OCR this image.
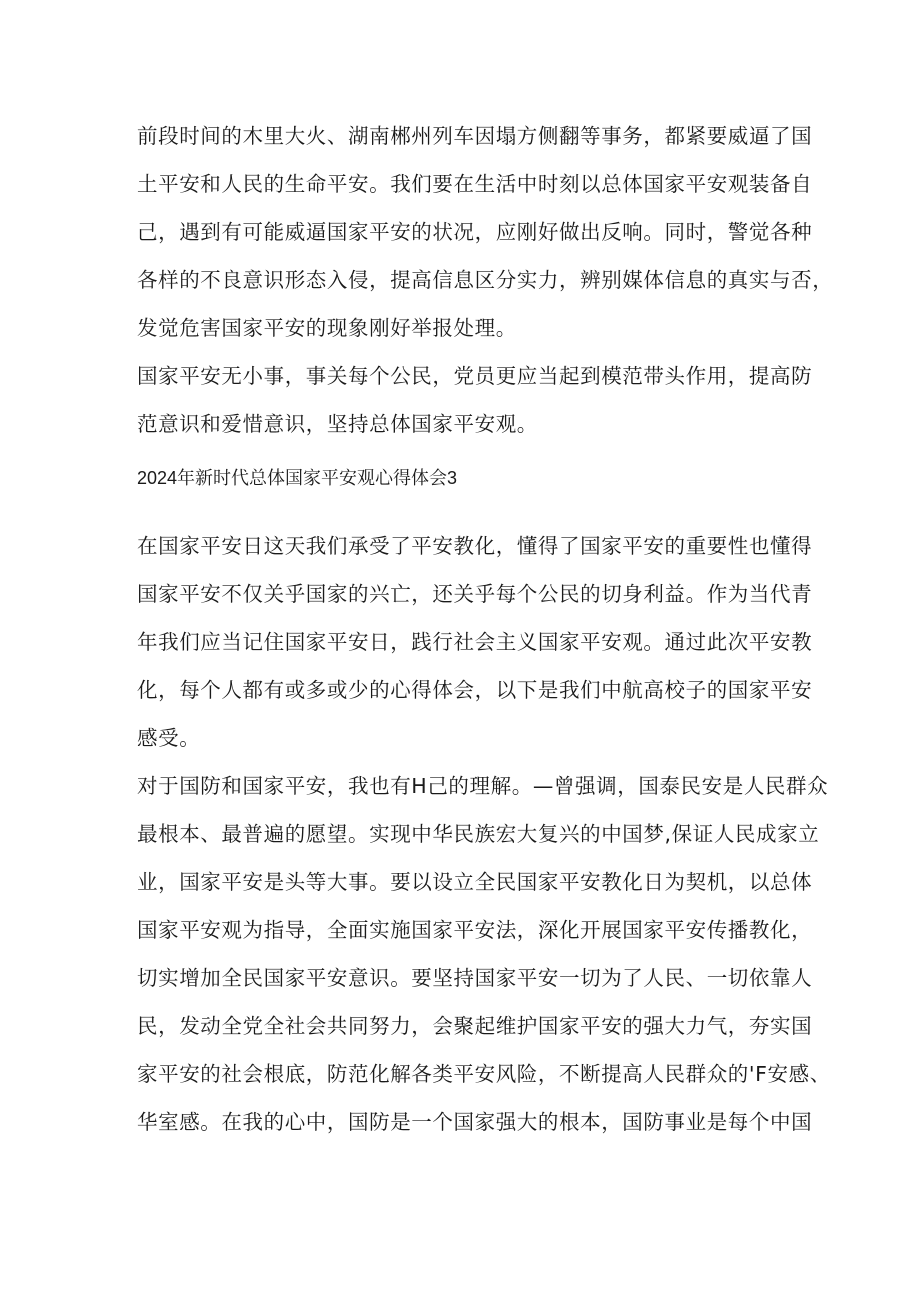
前段时间的木里大火、湖南郴州列车因塌方侧翻等事务，都紧要威逼了国
土平安和人民的生命平安。我们要在生活中时刻以总体国家平安观装备自
己，遇到有可能威逼国家平安的状况，应刚好做出反响。同时，警觉各种
各样的不良意识形态入侵，提高信息区分实力，辨别媒体信息的真实与否，
发觉危害国家平安的现象刚好举报处理。
国家平安无小事，事关每个公民，党员更应当起到模范带头作用，提高防
范意识和爱惜意识，坚持总体国家平安观。
2024年新时代总体国家平安观心得体会3
在国家平安日这天我们承受了平安教化，懂得了国家平安的重要性也懂得
国家平安不仅关乎国家的兴亡，还关乎每个公民的切身利益。作为当代青
年我们应当记住国家平安日，践行社会主义国家平安观。通过此次平安教
化，每个人都有或多或少的心得体会，以下是我们中航高校子的国家平安
感受。
对于国防和国家平安，我也有H己的理解。—曾强调，国泰民安是人民群众
最根本、最普遍的愿望。实现中华民族宏大复兴的中国梦,保证人民成家立
业，国家平安是头等大事。要以设立全民国家平安教化日为契机，以总体
国家平安观为指导，全面实施国家平安法，深化开展国家平安传播教化，
切实增加全民国家平安意识。要坚持国家平安一切为了人民、一切依靠人
民，发动全党全社会共同努力，会聚起维护国家平安的强大力气，夯实国
家平安的社会根底，防范化解各类平安风险，不断提高人民群众的'F安感、
华室感。在我的心中，国防是一个国家强大的根本，国防事业是每个中国
